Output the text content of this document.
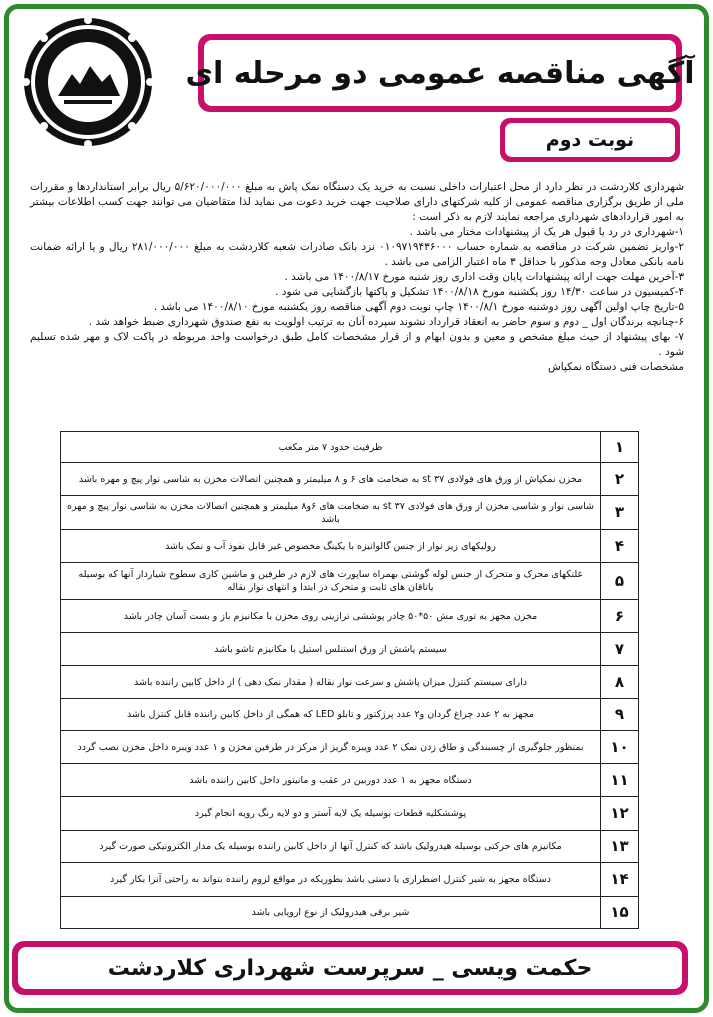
آگهی مناقصه عمومی دو مرحله ای
نوبت دوم

شهرداری کلاردشت در نظر دارد از محل اعتبارات داخلی نسبت به خرید یک دستگاه نمک پاش به مبلغ ۵/۶۲۰/۰۰۰/۰۰۰ ریال برابر استانداردها و مقررات ملی از طریق برگزاری مناقصه عمومی از کلیه شرکتهای دارای صلاحیت جهت خرید دعوت می نماید لذا متقاضیان می توانند جهت کسب اطلاعات بیشتر به امور قراردادهای شهرداری مراجعه نمایند لازم به ذکر است :

۱-شهرداری در رد یا قبول هر یک از پیشنهادات مختار می باشد .

۲-واریز تضمین شرکت در مناقصه به شماره حساب ۰۱۰۹۷۱۹۴۳۶۰۰۰ نزد بانک صادرات شعبه کلاردشت به مبلغ ۲۸۱/۰۰۰/۰۰۰ ریال و یا ارائه ضمانت نامه بانکی معادل وجه مذکور با حداقل ۳ ماه اعتبار الزامی می باشد .

۳-آخرین مهلت جهت ارائه پیشنهادات پایان وقت اداری روز شنبه مورخ ۱۴۰۰/۸/۱۷ می باشد .

۴-کمیسیون در ساعت ۱۴/۳۰ روز یکشنبه مورخ ۱۴۰۰/۸/۱۸ تشکیل و پاکتها بازگشایی می شود .

۵-تاریخ چاپ اولین آگهی روز دوشنبه مورخ ۱۴۰۰/۸/۱ چاپ نوبت دوم آگهی مناقصه روز یکشنبه مورخ ۱۴۰۰/۸/۱۰ می باشد .

۶-چنانچه برندگان اول _ دوم و سوم حاضر به انعقاد قرارداد نشوند سپرده آنان به ترتیب اولویت به نفع صندوق شهرداری ضبط خواهد شد .

۷- بهای پیشنهاد از حیث مبلغ مشخص و معین و بدون ابهام و از قرار مشخصات کامل طبق درخواست واحد مربوطه در پاکت لاک و مهر شده تسلیم شود .

مشخصات فنی دستگاه نمکپاش

۱	ظرفیت حدود ۷ متر مکعب
۲	مخزن نمکپاش از ورق های فولادی ۳۷ st به ضخامت های ۶ و ۸ میلیمتر و همچنین اتصالات مخزن به شاسی نوار پیچ و مهره باشد
۳	شاسی نوار و شاسی مخزن از ورق های فولادی ۳۷ st به ضخامت های ۶و۸ میلیمتر و همچنین اتصالات مخزن به شاسی نوار پیچ و مهره باشد
۴	رولیکهای زیر نوار از جنس گالوانیزه با یکینگ مخصوص غیر قابل نفوذ آب و نمک باشد
۵	غلتکهای محرک و متحرک از جنس لوله گوشتی بهمراه ساپورت های لازم در طرفین و ماشین کاری سطوح شیاردار آنها که بوسیله یاتاقان های ثابت و متحرک در ابتدا و انتهای نوار نقاله
۶	مخزن مجهز به توری مش ۵۰*۵۰ چادر پوششی ترازینی روی مخزن با مکانیزم باز و بست آسان چادر باشد
۷	سیستم پاشش از ورق استنلس استیل با مکانیزم تاشو باشد
۸	دارای سیستم کنترل میزان پاشش و سرعت نوار نقاله ( مقدار نمک دهی ) از داخل کابین راننده باشد
۹	مجهز به ۲ عدد چراغ گردان و۲ عدد پرژکتور و تابلو LED که همگی از داخل کابین راننده قابل کنترل باشد
۱۰	بمنظور جلوگیری از چسبندگی و طاق زدن نمک ۲ عدد ویبره گریز از مرکز در طرفین مخزن و ۱ عدد ویبره داخل مخزن نصب گردد
۱۱	دستگاه مجهز به ۱ عدد دوربین در عقب و مانیتور داخل کابین راننده باشد
۱۲	پوششکلیه قطعات بوسیله یک لایه آستر و دو لایه رنگ رویه انجام گیرد
۱۳	مکانیزم های حرکتی بوسیله هیدرولیک باشد که کنترل آنها از داخل کابین راننده بوسیله یک مدار الکترونیکی صورت گیرد
۱۴	دستگاه مجهز به شیر کنترل اضطراری یا دستی باشد بطوریکه در مواقع لزوم راننده بتواند به راحتی آنرا بکار گیرد
۱۵	شیر برقی هیدرولیک از نوع اروپایی باشد
حکمت ویسی _ سرپرست شهرداری کلاردشت
